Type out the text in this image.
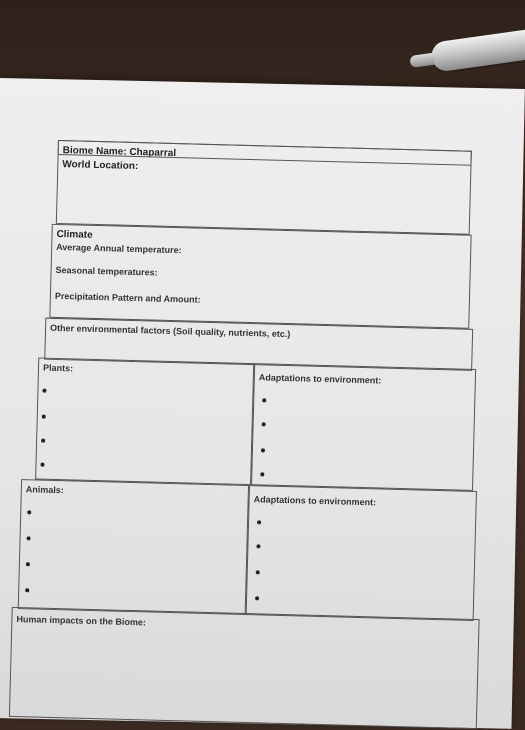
Biome Name: Chaparral
World Location:
Climate
Average Annual temperature:
Seasonal temperatures:
Precipitation Pattern and Amount:
Other environmental factors (Soil quality, nutrients, etc.)
Plants:
Adaptations to environment:
Animals:
Adaptations to environment:
Human impacts on the Biome:
